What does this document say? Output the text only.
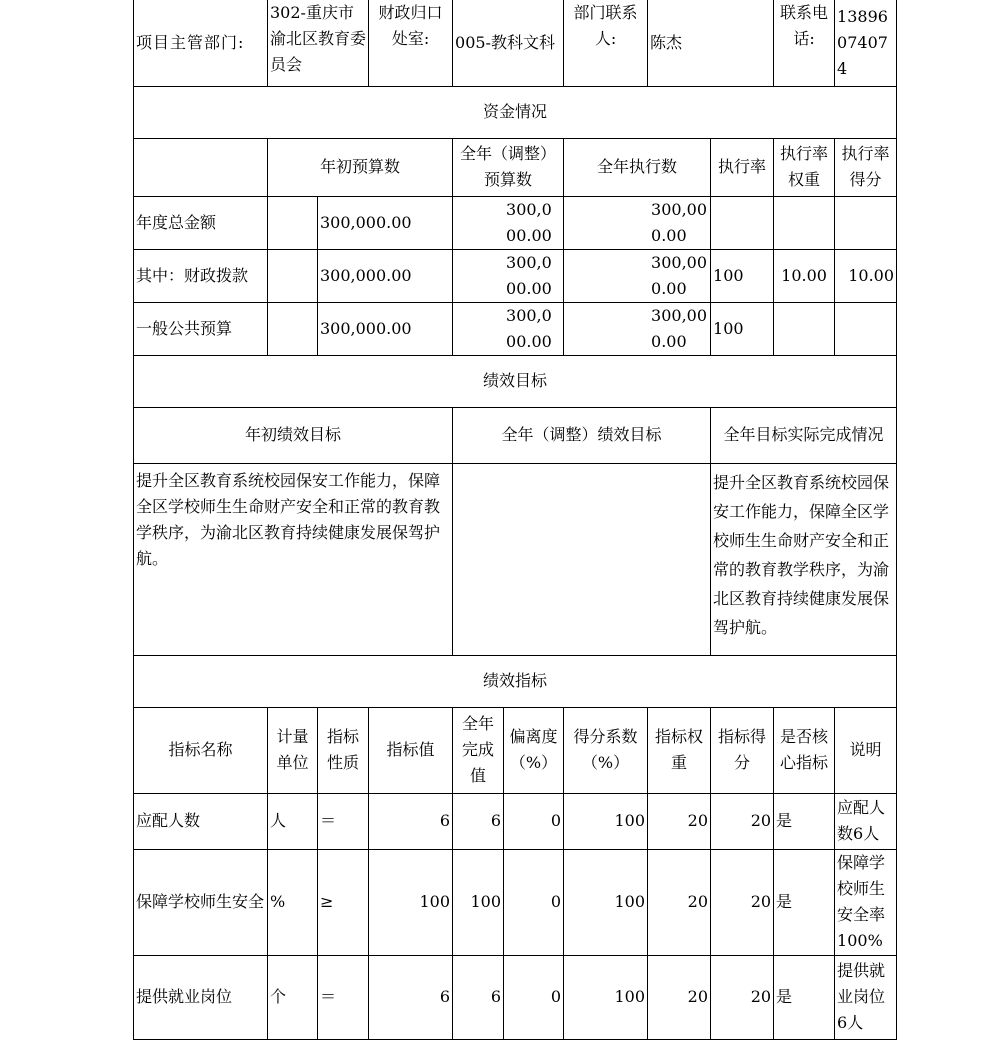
项目主管部门:	302-重庆市渝北区教育委员会		财政归口处室:	005-教科文科		部门联系人:	陈杰		联系电话:	13896074074
资金情况										
	年初预算数			全年（调整）预算数		全年执行数		执行率	执行率权重	执行率得分
年度总金额		300,000.00		300,000.00		300,000.00				
其中：财政拨款		300,000.00		300,000.00		300,000.00		100	10.00	10.00
一般公共预算		300,000.00		300,000.00		300,000.00		100		
绩效目标										
年初绩效目标				全年（调整）绩效目标				全年目标实际完成情况		
提升全区教育系统校园保安工作能力，保障全区学校师生生命财产安全和正常的教育教学秩序，为渝北区教育持续健康发展保驾护航。								提升全区教育系统校园保安工作能力，保障全区学校师生生命财产安全和正常的教育教学秩序，为渝北区教育持续健康发展保驾护航。		
绩效指标										
指标名称	计量单位	指标性质	指标值	全年完成值	偏离度（%）	得分系数（%）	指标权重	指标得分	是否核心指标	说明
应配人数	人	＝	6	6	0	100	20	20	是	应配人数6人
保障学校师生安全	%	≥	100	100	0	100	20	20	是	保障学校师生安全率100%
提供就业岗位	个	＝	6	6	0	100	20	20	是	提供就业岗位6人
